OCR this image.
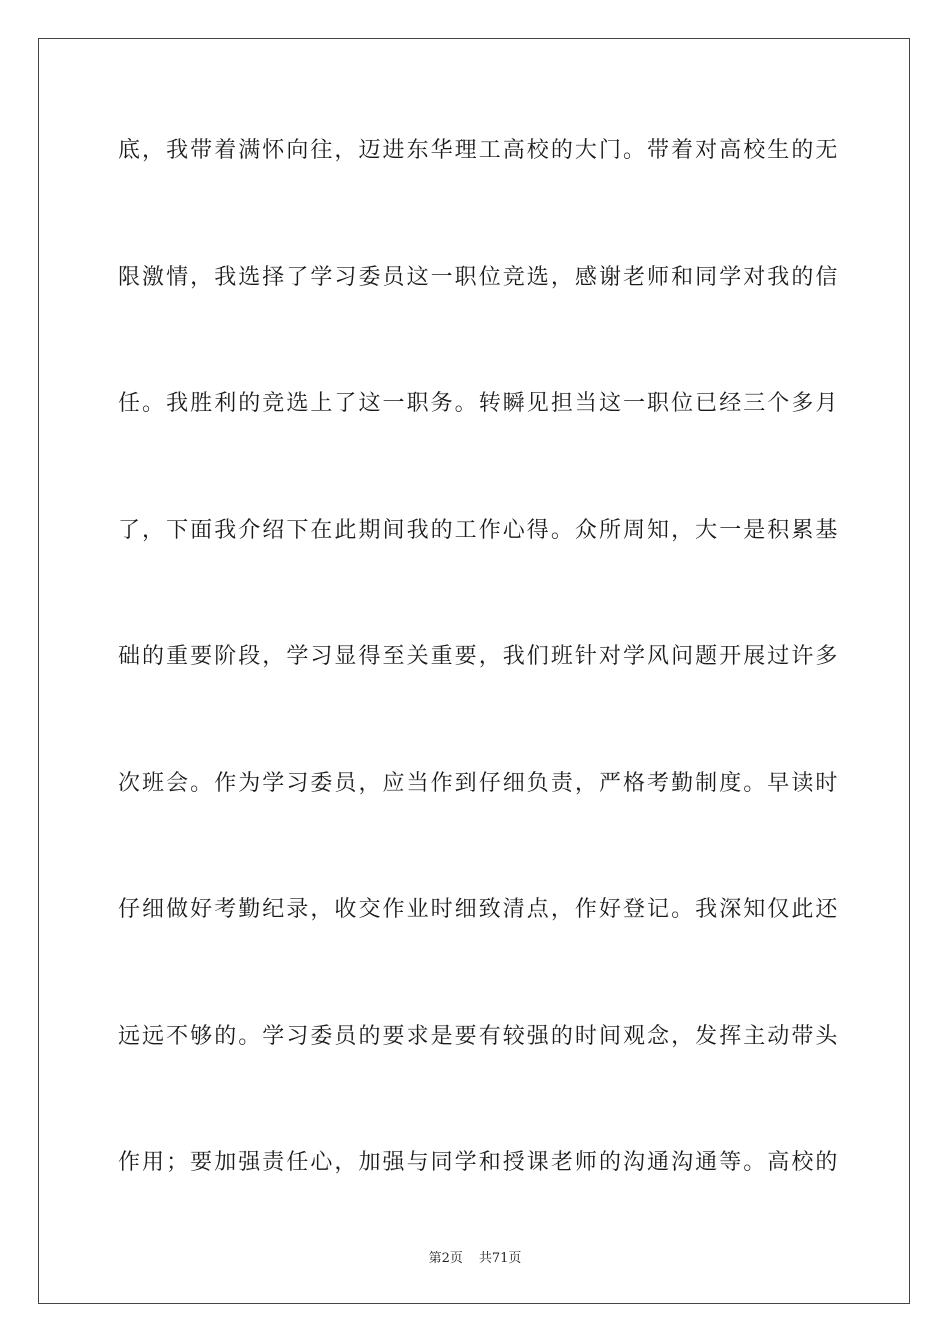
底，我带着满怀向往，迈进东华理工高校的大门。带着对高校生的无
限激情，我选择了学习委员这一职位竞选，感谢老师和同学对我的信
任。我胜利的竞选上了这一职务。转瞬见担当这一职位已经三个多月
了，下面我介绍下在此期间我的工作心得。众所周知，大一是积累基
础的重要阶段，学习显得至关重要，我们班针对学风问题开展过许多
次班会。作为学习委员，应当作到仔细负责，严格考勤制度。早读时
仔细做好考勤纪录，收交作业时细致清点，作好登记。我深知仅此还
远远不够的。学习委员的要求是要有较强的时间观念，发挥主动带头
作用；要加强责任心，加强与同学和授课老师的沟通沟通等。高校的
第2页 共71页
